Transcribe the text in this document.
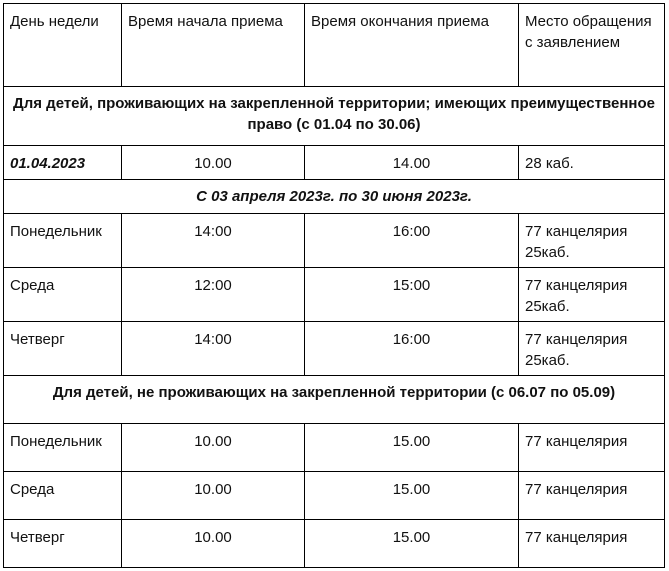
День недели	Время начала приема	Время окончания приема	Место обращения с заявлением
Для детей, проживающих на закрепленной территории; имеющих преимущественное право (с 01.04 по 30.06)			
01.04.2023	10.00	14.00	28 каб.
С 03 апреля 2023г. по 30 июня 2023г.			
Понедельник	14:00	16:00	77 канцелярия 25каб.
Среда	12:00	15:00	77 канцелярия 25каб.
Четверг	14:00	16:00	77 канцелярия 25каб.
Для детей, не проживающих на закрепленной территории (с 06.07 по 05.09)			
Понедельник	10.00	15.00	77 канцелярия
Среда	10.00	15.00	77 канцелярия
Четверг	10.00	15.00	77 канцелярия
